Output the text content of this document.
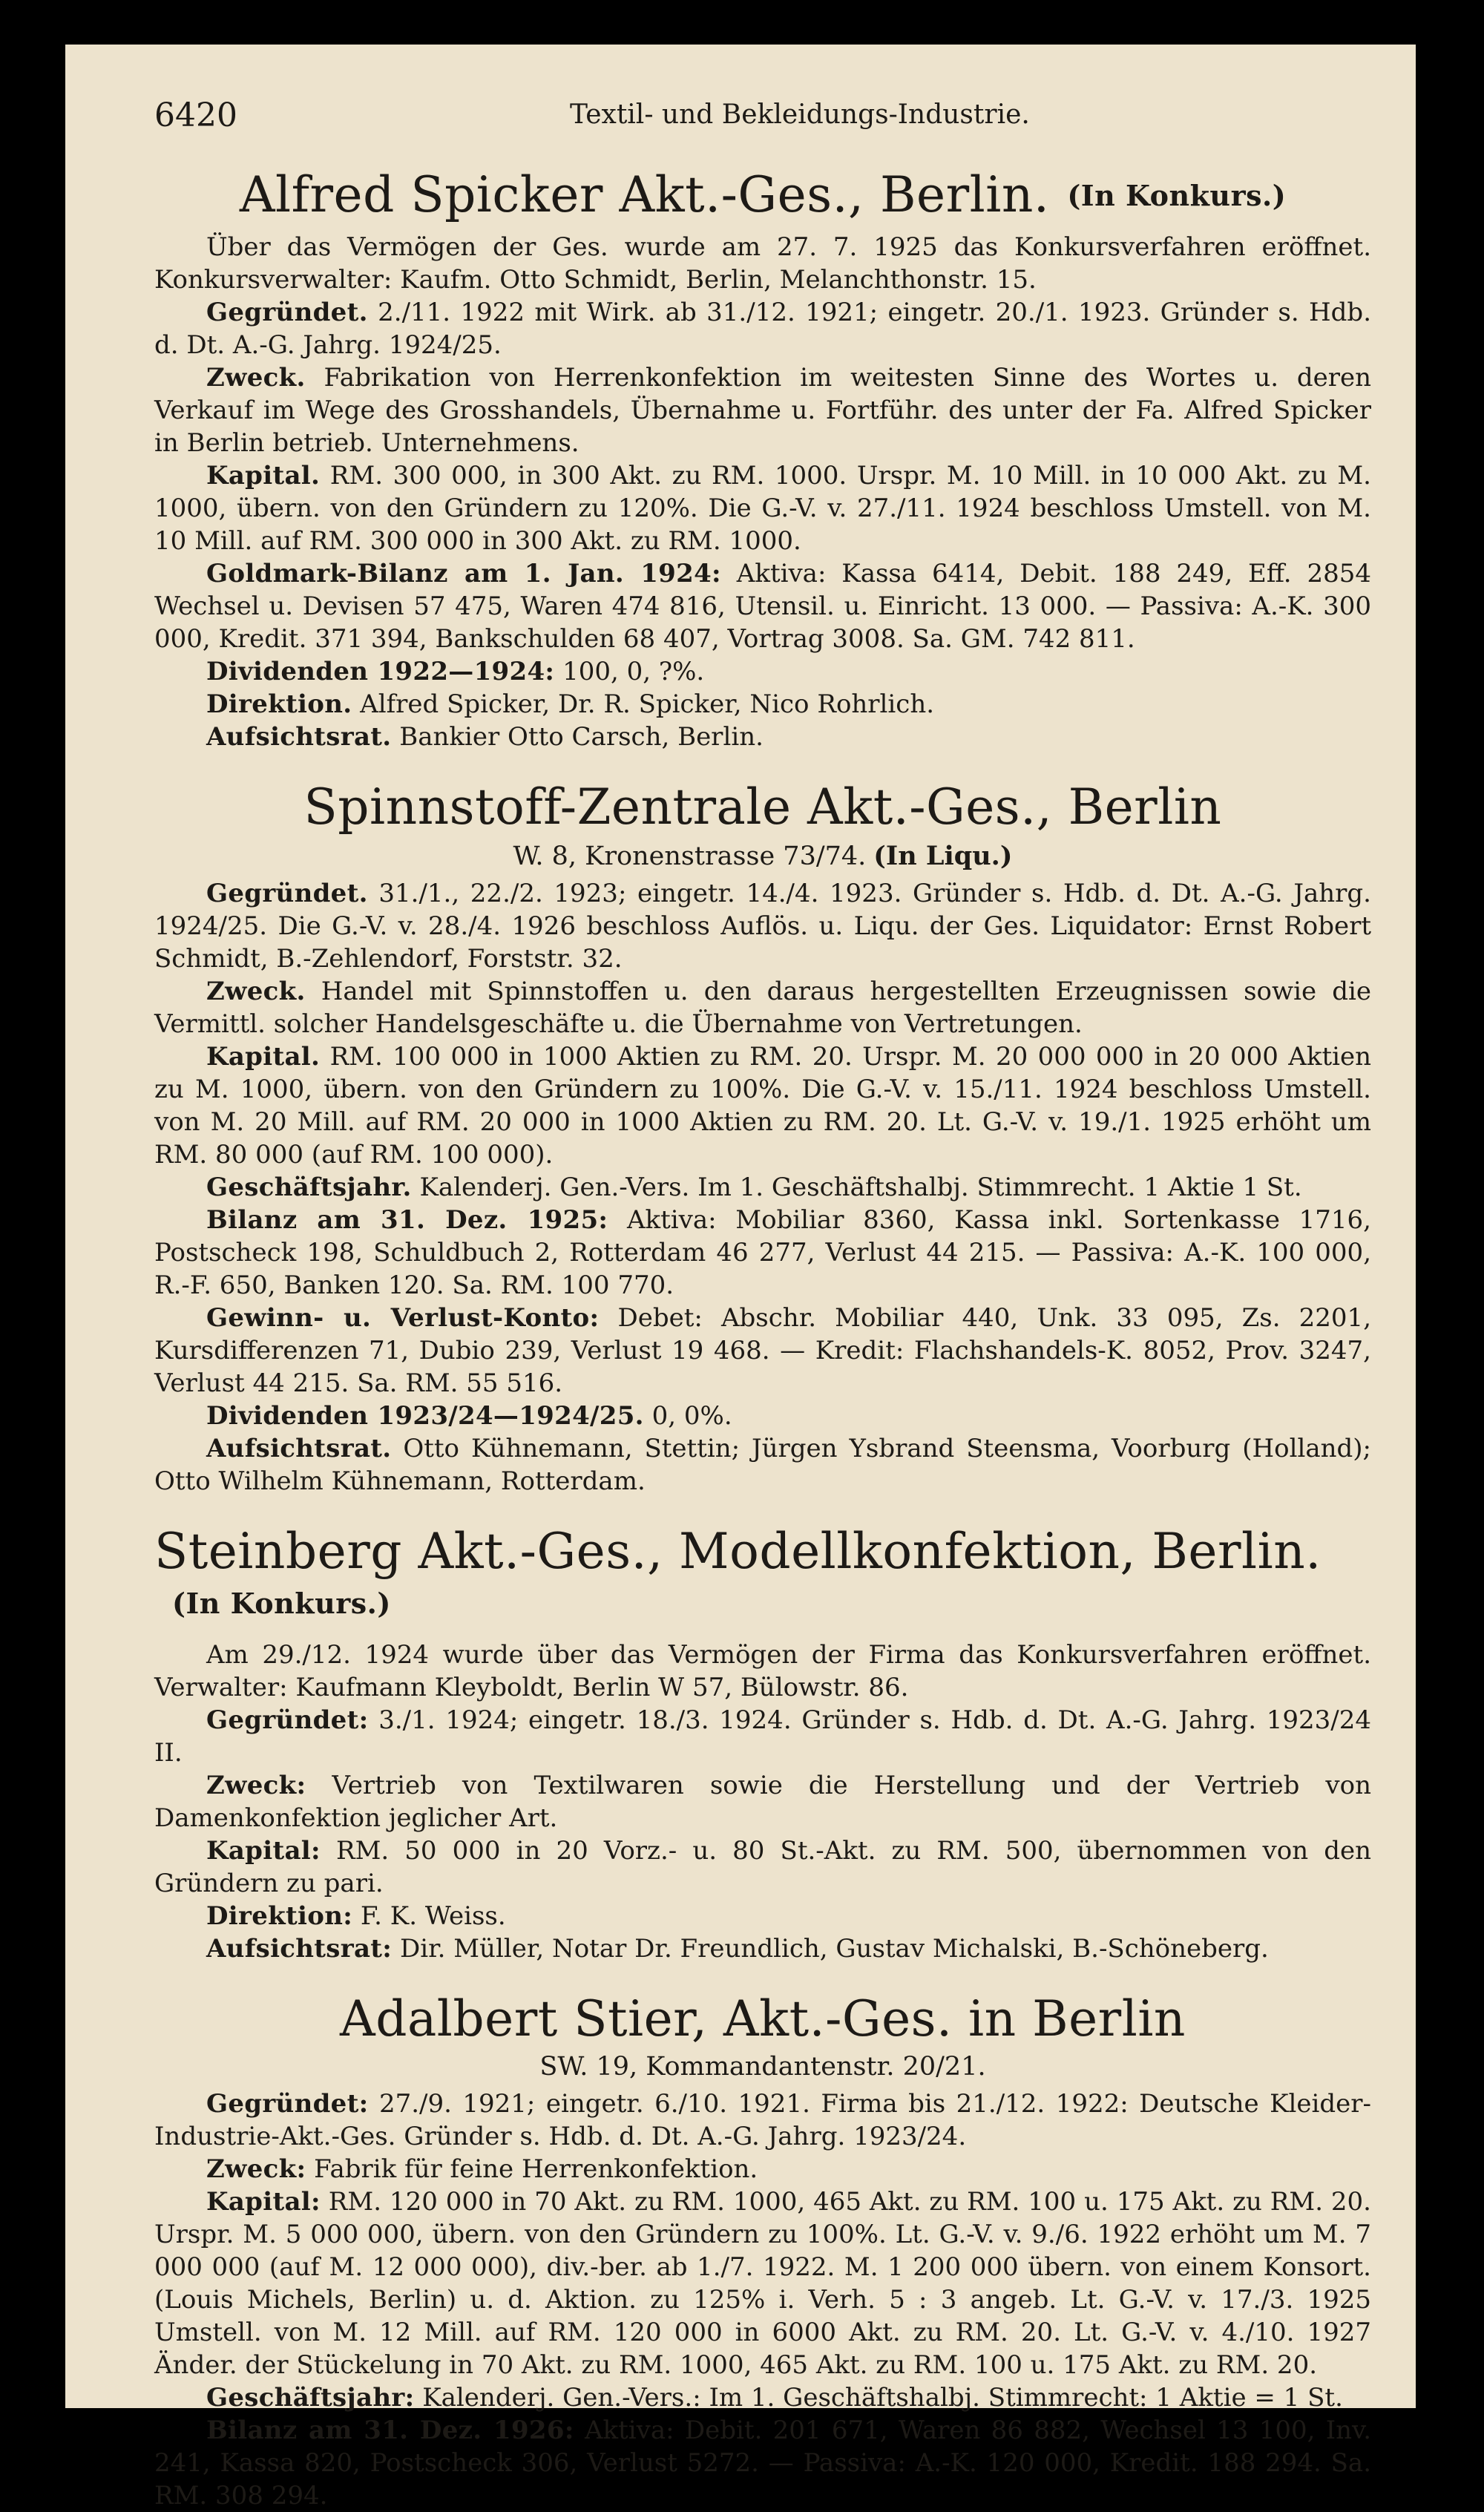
6420	Textil- und Bekleidungs-Industrie.
Alfred Spicker Akt.-Ges., Berlin. (In Konkurs.)

Über das Vermögen der Ges. wurde am 27. 7. 1925 das Konkursverfahren eröffnet. Konkursverwalter: Kaufm. Otto Schmidt, Berlin, Melanchthonstr. 15.

Gegründet. 2./11. 1922 mit Wirk. ab 31./12. 1921; eingetr. 20./1. 1923. Gründer s. Hdb. d. Dt. A.-G. Jahrg. 1924/25.

Zweck. Fabrikation von Herrenkonfektion im weitesten Sinne des Wortes u. deren Verkauf im Wege des Grosshandels, Übernahme u. Fortführ. des unter der Fa. Alfred Spicker in Berlin betrieb. Unternehmens.

Kapital. RM. 300 000, in 300 Akt. zu RM. 1000. Urspr. M. 10 Mill. in 10 000 Akt. zu M. 1000, übern. von den Gründern zu 120%. Die G.-V. v. 27./11. 1924 beschloss Umstell. von M. 10 Mill. auf RM. 300 000 in 300 Akt. zu RM. 1000.

Goldmark-Bilanz am 1. Jan. 1924: Aktiva: Kassa 6414, Debit. 188 249, Eff. 2854 Wechsel u. Devisen 57 475, Waren 474 816, Utensil. u. Einricht. 13 000. — Passiva: A.-K. 300 000, Kredit. 371 394, Bankschulden 68 407, Vortrag 3008. Sa. GM. 742 811.

Dividenden 1922—1924: 100, 0, ?%.

Direktion. Alfred Spicker, Dr. R. Spicker, Nico Rohrlich.

Aufsichtsrat. Bankier Otto Carsch, Berlin.

Spinnstoff-Zentrale Akt.-Ges., Berlin
W. 8, Kronenstrasse 73/74. (In Liqu.)

Gegründet. 31./1., 22./2. 1923; eingetr. 14./4. 1923. Gründer s. Hdb. d. Dt. A.-G. Jahrg. 1924/25. Die G.-V. v. 28./4. 1926 beschloss Auflös. u. Liqu. der Ges. Liquidator: Ernst Robert Schmidt, B.-Zehlendorf, Forststr. 32.

Zweck. Handel mit Spinnstoffen u. den daraus hergestellten Erzeugnissen sowie die Vermittl. solcher Handelsgeschäfte u. die Übernahme von Vertretungen.

Kapital. RM. 100 000 in 1000 Aktien zu RM. 20. Urspr. M. 20 000 000 in 20 000 Aktien zu M. 1000, übern. von den Gründern zu 100%. Die G.-V. v. 15./11. 1924 beschloss Umstell. von M. 20 Mill. auf RM. 20 000 in 1000 Aktien zu RM. 20. Lt. G.-V. v. 19./1. 1925 erhöht um RM. 80 000 (auf RM. 100 000).

Geschäftsjahr. Kalenderj. Gen.-Vers. Im 1. Geschäftshalbj. Stimmrecht. 1 Aktie 1 St.

Bilanz am 31. Dez. 1925: Aktiva: Mobiliar 8360, Kassa inkl. Sortenkasse 1716, Postscheck 198, Schuldbuch 2, Rotterdam 46 277, Verlust 44 215. — Passiva: A.-K. 100 000, R.-F. 650, Banken 120. Sa. RM. 100 770.

Gewinn- u. Verlust-Konto: Debet: Abschr. Mobiliar 440, Unk. 33 095, Zs. 2201, Kursdifferenzen 71, Dubio 239, Verlust 19 468. — Kredit: Flachshandels-K. 8052, Prov. 3247, Verlust 44 215. Sa. RM. 55 516.

Dividenden 1923/24—1924/25. 0, 0%.

Aufsichtsrat. Otto Kühnemann, Stettin; Jürgen Ysbrand Steensma, Voorburg (Holland); Otto Wilhelm Kühnemann, Rotterdam.

Steinberg Akt.-Ges., Modellkonfektion, Berlin.(In Konkurs.)

Am 29./12. 1924 wurde über das Vermögen der Firma das Konkursverfahren eröffnet. Verwalter: Kaufmann Kleyboldt, Berlin W 57, Bülowstr. 86.

Gegründet: 3./1. 1924; eingetr. 18./3. 1924. Gründer s. Hdb. d. Dt. A.-G. Jahrg. 1923/24 II.

Zweck: Vertrieb von Textilwaren sowie die Herstellung und der Vertrieb von Damenkonfektion jeglicher Art.

Kapital: RM. 50 000 in 20 Vorz.- u. 80 St.-Akt. zu RM. 500, übernommen von den Gründern zu pari.

Direktion: F. K. Weiss.

Aufsichtsrat: Dir. Müller, Notar Dr. Freundlich, Gustav Michalski, B.-Schöneberg.

Adalbert Stier, Akt.-Ges. in Berlin
SW. 19, Kommandantenstr. 20/21.

Gegründet: 27./9. 1921; eingetr. 6./10. 1921. Firma bis 21./12. 1922: Deutsche Kleider-Industrie-Akt.-Ges. Gründer s. Hdb. d. Dt. A.-G. Jahrg. 1923/24.

Zweck: Fabrik für feine Herrenkonfektion.

Kapital: RM. 120 000 in 70 Akt. zu RM. 1000, 465 Akt. zu RM. 100 u. 175 Akt. zu RM. 20. Urspr. M. 5 000 000, übern. von den Gründern zu 100%. Lt. G.-V. v. 9./6. 1922 erhöht um M. 7 000 000 (auf M. 12 000 000), div.-ber. ab 1./7. 1922. M. 1 200 000 übern. von einem Konsort. (Louis Michels, Berlin) u. d. Aktion. zu 125% i. Verh. 5 : 3 angeb. Lt. G.-V. v. 17./3. 1925 Umstell. von M. 12 Mill. auf RM. 120 000 in 6000 Akt. zu RM. 20. Lt. G.-V. v. 4./10. 1927 Änder. der Stückelung in 70 Akt. zu RM. 1000, 465 Akt. zu RM. 100 u. 175 Akt. zu RM. 20.

Geschäftsjahr: Kalenderj. Gen.-Vers.: Im 1. Geschäftshalbj. Stimmrecht: 1 Aktie = 1 St.

Bilanz am 31. Dez. 1926: Aktiva: Debit. 201 671, Waren 86 882, Wechsel 13 100, Inv. 241, Kassa 820, Postscheck 306, Verlust 5272. — Passiva: A.-K. 120 000, Kredit. 188 294. Sa. RM. 308 294.
